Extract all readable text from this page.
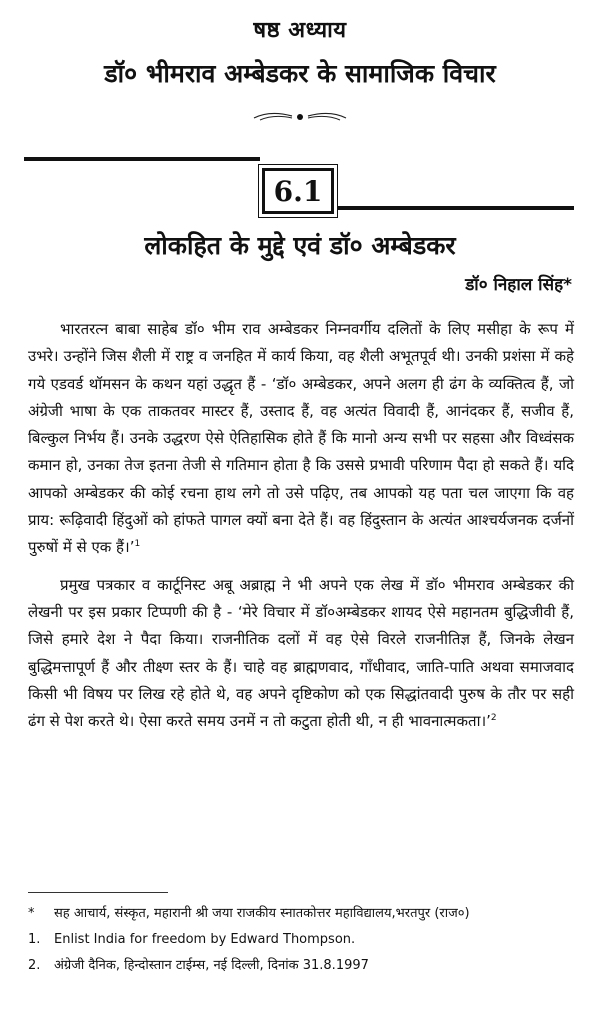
षष्ठ अध्याय
डॉ० भीमराव अम्बेडकर के सामाजिक विचार
6.1
लोकहित के मुद्दे एवं डॉ० अम्बेडकर
डॉ० निहाल सिंह*

भारतरत्न बाबा साहेब डॉ० भीम राव अम्बेडकर निम्नवर्गीय दलितों के लिए मसीहा के रूप में उभरे। उन्होंने जिस शैली में राष्ट्र व जनहित में कार्य किया, वह शैली अभूतपूर्व थी। उनकी प्रशंसा में कहे गये एडवर्ड थॉमसन के कथन यहां उद्धृत हैं - ‘डॉ० अम्बेडकर, अपने अलग ही ढंग के व्यक्तित्व हैं, जो अंग्रेजी भाषा के एक ताकतवर मास्टर हैं, उस्ताद हैं, वह अत्यंत विवादी हैं, आनंदकर हैं, सजीव हैं, बिल्कुल निर्भय हैं। उनके उद्धरण ऐसे ऐतिहासिक होते हैं कि मानो अन्य सभी पर सहसा और विध्वंसक कमान हो, उनका तेज इतना तेजी से गतिमान होता है कि उससे प्रभावी परिणाम पैदा हो सकते हैं। यदि आपको अम्बेडकर की कोई रचना हाथ लगे तो उसे पढ़िए, तब आपको यह पता चल जाएगा कि वह प्राय: रूढ़िवादी हिंदुओं को हांफते पागल क्यों बना देते हैं। वह हिंदुस्तान के अत्यंत आश्चर्यजनक दर्जनों पुरुषों में से एक हैं।’$^1$

प्रमुख पत्रकार व कार्टूनिस्ट अबू अब्राह्म ने भी अपने एक लेख में डॉ० भीमराव अम्बेडकर की लेखनी पर इस प्रकार टिप्पणी की है - ‘मेरे विचार में डॉ०अम्बेडकर शायद ऐसे महानतम बुद्धिजीवी हैं, जिसे हमारे देश ने पैदा किया। राजनीतिक दलों में वह ऐसे विरले राजनीतिज्ञ हैं, जिनके लेखन बुद्धिमत्तापूर्ण हैं और तीक्ष्ण स्तर के हैं। चाहे वह ब्राह्मणवाद, गाँधीवाद, जाति-पाति अथवा समाजवाद किसी भी विषय पर लिख रहे होते थे, वह अपने दृष्टिकोण को एक सिद्धांतवादी पुरुष के तौर पर सही ढंग से पेश करते थे। ऐसा करते समय उनमें न तो कटुता होती थी, न ही भावनात्मकता।’$^2$

*	सह आचार्य, संस्कृत, महारानी श्री जया राजकीय स्नातकोत्तर महाविद्यालय,भरतपुर (राज०)
1.	Enlist India for freedom by Edward Thompson.
2.	अंग्रेजी दैनिक, हिन्दोस्तान टाईम्स, नई दिल्ली, दिनांक 31.8.1997
